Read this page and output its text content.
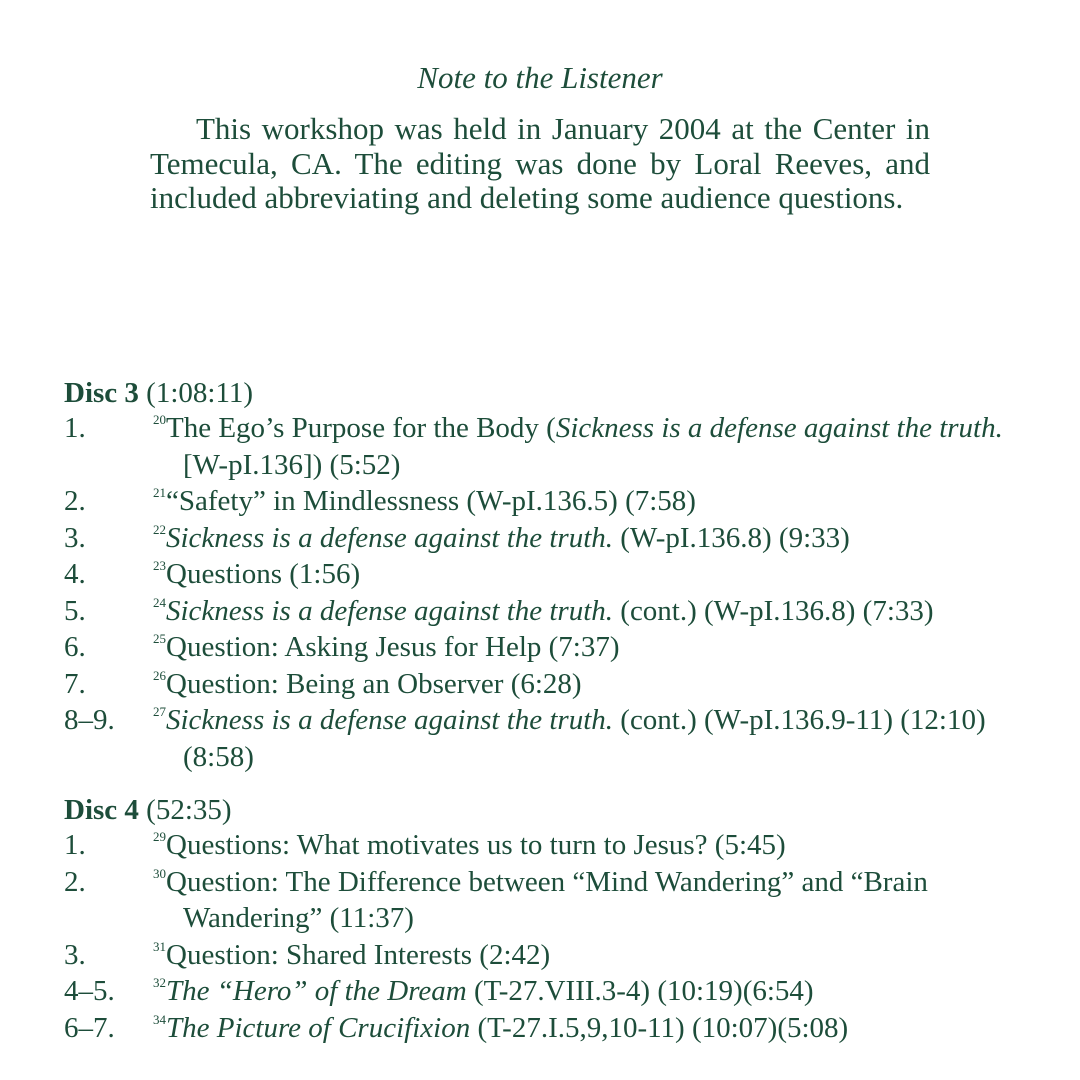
Note to the Listener

This workshop was held in January 2004 at the Center in Temecula, CA. The editing was done by Loral Reeves, and included abbreviating and deleting some audience questions.

Disc 3 (1:08:11)
1.	$^{20}$The Ego’s Purpose for the Body (Sickness is a defense against the truth. [W-pI.136]) (5:52)
2.	$^{21}$“Safety” in Mindlessness (W-pI.136.5) (7:58)
3.	$^{22}$Sickness is a defense against the truth. (W-pI.136.8) (9:33)
4.	$^{23}$Questions (1:56)
5.	$^{24}$Sickness is a defense against the truth. (cont.) (W-pI.136.8) (7:33)
6.	$^{25}$Question: Asking Jesus for Help (7:37)
7.	$^{26}$Question: Being an Observer (6:28)
8–9.	$^{27}$Sickness is a defense against the truth. (cont.) (W-pI.136.9-11) (12:10)(8:58)
Disc 4 (52:35)
1.	$^{29}$Questions: What motivates us to turn to Jesus? (5:45)
2.	$^{30}$Question: The Difference between “Mind Wandering” and “Brain Wandering” (11:37)
3.	$^{31}$Question: Shared Interests (2:42)
4–5.	$^{32}$The “Hero” of the Dream (T-27.VIII.3-4) (10:19)(6:54)
6–7.	$^{34}$The Picture of Crucifixion (T-27.I.5,9,10-11) (10:07)(5:08)
